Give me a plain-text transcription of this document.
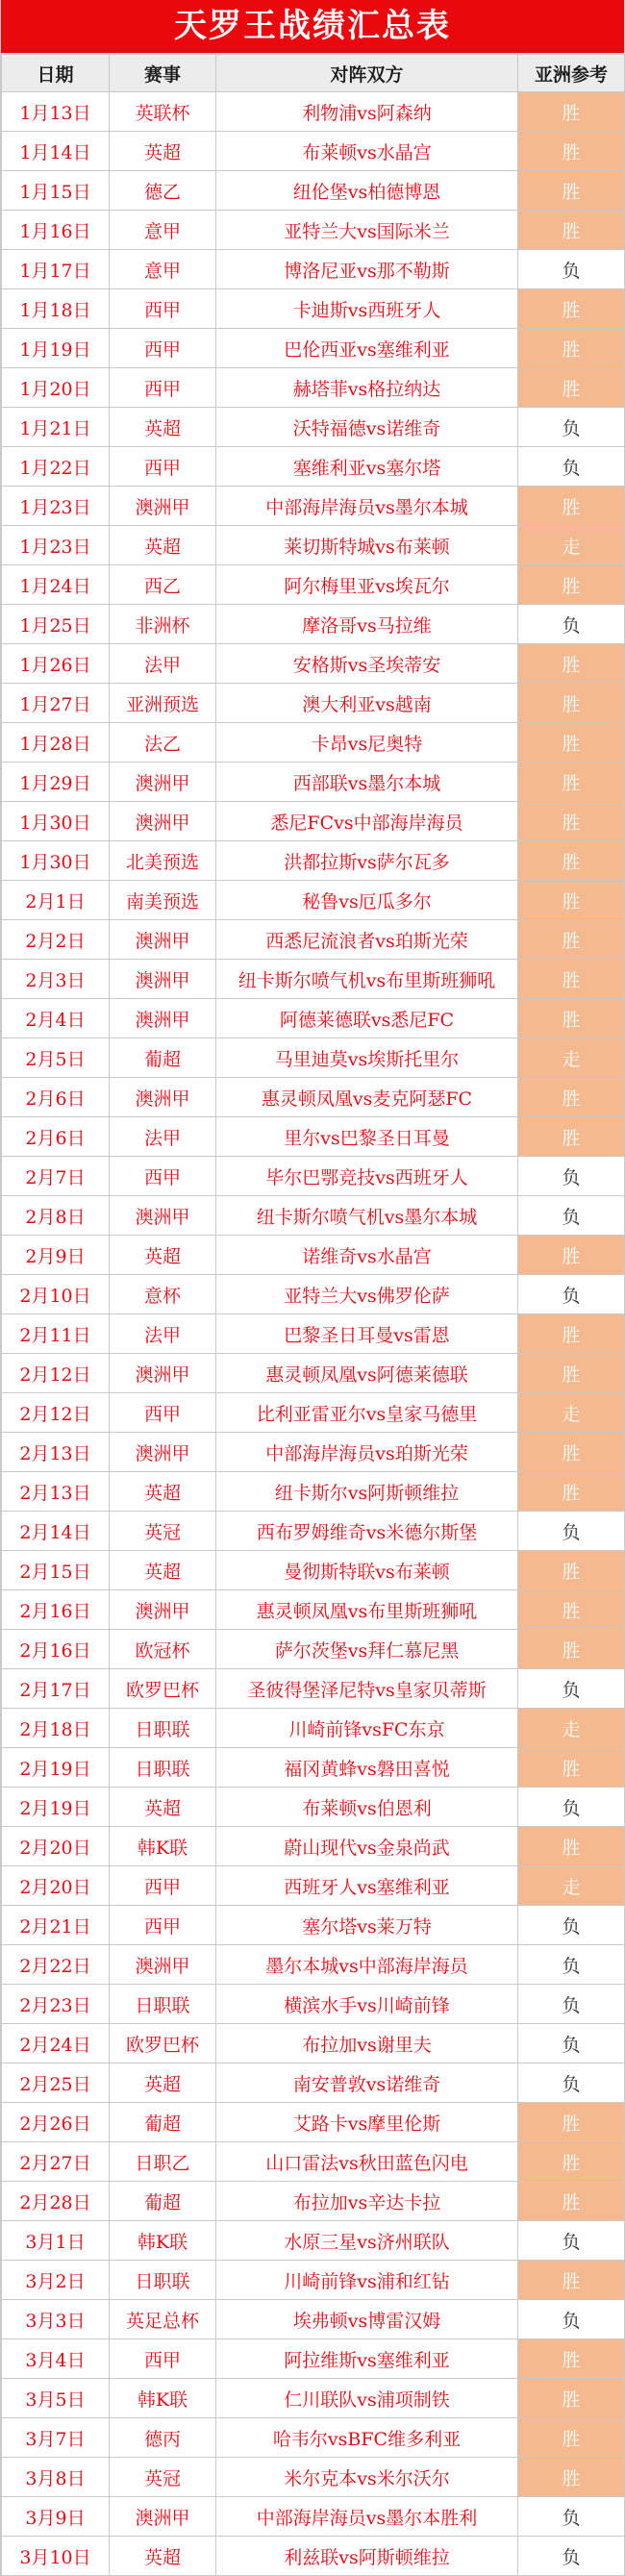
天罗王战绩汇总表
日期	赛事	对阵双方	亚洲参考
1月13日	英联杯	利物浦vs阿森纳	胜
1月14日	英超	布莱顿vs水晶宫	胜
1月15日	德乙	纽伦堡vs柏德博恩	胜
1月16日	意甲	亚特兰大vs国际米兰	胜
1月17日	意甲	博洛尼亚vs那不勒斯	负
1月18日	西甲	卡迪斯vs西班牙人	胜
1月19日	西甲	巴伦西亚vs塞维利亚	胜
1月20日	西甲	赫塔菲vs格拉纳达	胜
1月21日	英超	沃特福德vs诺维奇	负
1月22日	西甲	塞维利亚vs塞尔塔	负
1月23日	澳洲甲	中部海岸海员vs墨尔本城	胜
1月23日	英超	莱切斯特城vs布莱顿	走
1月24日	西乙	阿尔梅里亚vs埃瓦尔	胜
1月25日	非洲杯	摩洛哥vs马拉维	负
1月26日	法甲	安格斯vs圣埃蒂安	胜
1月27日	亚洲预选	澳大利亚vs越南	胜
1月28日	法乙	卡昂vs尼奥特	胜
1月29日	澳洲甲	西部联vs墨尔本城	胜
1月30日	澳洲甲	悉尼FCvs中部海岸海员	胜
1月30日	北美预选	洪都拉斯vs萨尔瓦多	胜
2月1日	南美预选	秘鲁vs厄瓜多尔	胜
2月2日	澳洲甲	西悉尼流浪者vs珀斯光荣	胜
2月3日	澳洲甲	纽卡斯尔喷气机vs布里斯班狮吼	胜
2月4日	澳洲甲	阿德莱德联vs悉尼FC	胜
2月5日	葡超	马里迪莫vs埃斯托里尔	走
2月6日	澳洲甲	惠灵顿凤凰vs麦克阿瑟FC	胜
2月6日	法甲	里尔vs巴黎圣日耳曼	胜
2月7日	西甲	毕尔巴鄂竞技vs西班牙人	负
2月8日	澳洲甲	纽卡斯尔喷气机vs墨尔本城	负
2月9日	英超	诺维奇vs水晶宫	胜
2月10日	意杯	亚特兰大vs佛罗伦萨	负
2月11日	法甲	巴黎圣日耳曼vs雷恩	胜
2月12日	澳洲甲	惠灵顿凤凰vs阿德莱德联	胜
2月12日	西甲	比利亚雷亚尔vs皇家马德里	走
2月13日	澳洲甲	中部海岸海员vs珀斯光荣	胜
2月13日	英超	纽卡斯尔vs阿斯顿维拉	胜
2月14日	英冠	西布罗姆维奇vs米德尔斯堡	负
2月15日	英超	曼彻斯特联vs布莱顿	胜
2月16日	澳洲甲	惠灵顿凤凰vs布里斯班狮吼	胜
2月16日	欧冠杯	萨尔茨堡vs拜仁慕尼黑	胜
2月17日	欧罗巴杯	圣彼得堡泽尼特vs皇家贝蒂斯	负
2月18日	日职联	川崎前锋vsFC东京	走
2月19日	日职联	福冈黄蜂vs磐田喜悦	胜
2月19日	英超	布莱顿vs伯恩利	负
2月20日	韩K联	蔚山现代vs金泉尚武	胜
2月20日	西甲	西班牙人vs塞维利亚	走
2月21日	西甲	塞尔塔vs莱万特	负
2月22日	澳洲甲	墨尔本城vs中部海岸海员	负
2月23日	日职联	横滨水手vs川崎前锋	负
2月24日	欧罗巴杯	布拉加vs谢里夫	负
2月25日	英超	南安普敦vs诺维奇	负
2月26日	葡超	艾路卡vs摩里伦斯	胜
2月27日	日职乙	山口雷法vs秋田蓝色闪电	胜
2月28日	葡超	布拉加vs辛达卡拉	胜
3月1日	韩K联	水原三星vs济州联队	负
3月2日	日职联	川崎前锋vs浦和红钻	胜
3月3日	英足总杯	埃弗顿vs博雷汉姆	负
3月4日	西甲	阿拉维斯vs塞维利亚	胜
3月5日	韩K联	仁川联队vs浦项制铁	胜
3月7日	德丙	哈韦尔vsBFC维多利亚	胜
3月8日	英冠	米尔克本vs米尔沃尔	胜
3月9日	澳洲甲	中部海岸海员vs墨尔本胜利	负
3月10日	英超	利兹联vs阿斯顿维拉	负
